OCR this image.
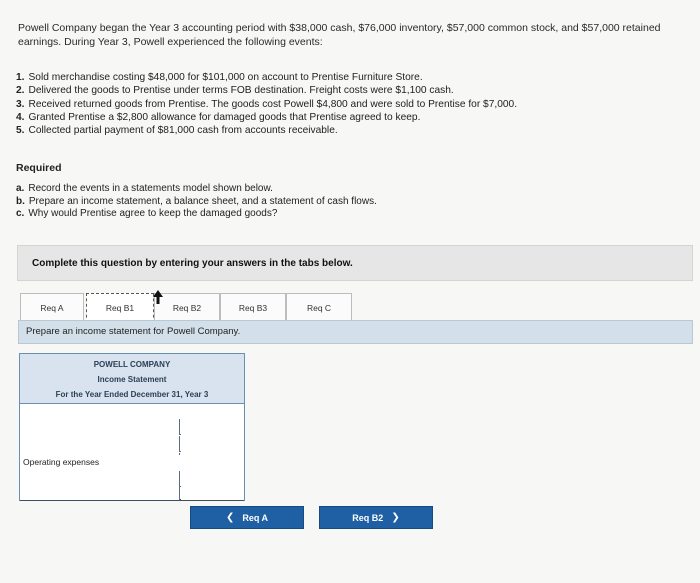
Powell Company began the Year 3 accounting period with $38,000 cash, $76,000 inventory, $57,000 common stock, and $57,000 retained earnings. During Year 3, Powell experienced the following events:

1. Sold merchandise costing $48,000 for $101,000 on account to Prentise Furniture Store.
2. Delivered the goods to Prentise under terms FOB destination. Freight costs were $1,100 cash.
3. Received returned goods from Prentise. The goods cost Powell $4,800 and were sold to Prentise for $7,000.
4. Granted Prentise a $2,800 allowance for damaged goods that Prentise agreed to keep.
5. Collected partial payment of $81,000 cash from accounts receivable.
Required
a. Record the events in a statements model shown below.
b. Prepare an income statement, a balance sheet, and a statement of cash flows.
c. Why would Prentise agree to keep the damaged goods?
Complete this question by entering your answers in the tabs below.
Req A	Req B1	Req B2	Req B3	Req C
Prepare an income statement for Powell Company.
POWELL COMPANY
Income Statement
For the Year Ended December 31, Year 3
Operating expenses
❮ Req A	Req B2 ❯
